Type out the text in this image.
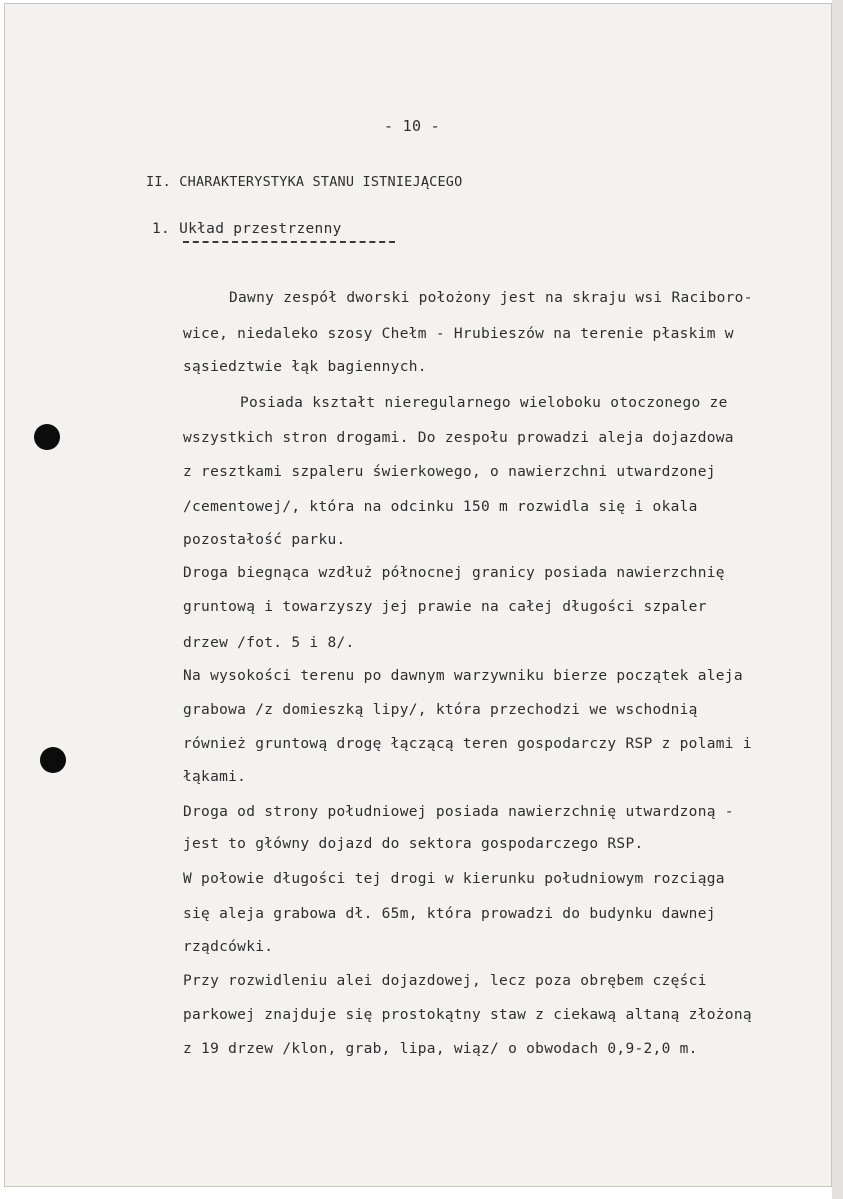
- 10 -
II. CHARAKTERYSTYKA STANU ISTNIEJĄCEGO
1. Układ przestrzenny
Dawny zespół dworski położony jest na skraju wsi Raciboro-
wice, niedaleko szosy Chełm - Hrubieszów na terenie płaskim w
sąsiedztwie łąk bagiennych.
Posiada kształt nieregularnego wieloboku otoczonego ze
wszystkich stron drogami. Do zespołu prowadzi aleja dojazdowa
z resztkami szpaleru świerkowego, o nawierzchni utwardzonej
/cementowej/, która na odcinku 150 m rozwidla się i okala
pozostałość parku.
Droga biegnąca wzdłuż północnej granicy posiada nawierzchnię
gruntową i towarzyszy jej prawie na całej długości szpaler
drzew /fot. 5 i 8/.
Na wysokości terenu po dawnym warzywniku bierze początek aleja
grabowa /z domieszką lipy/, która przechodzi we wschodnią
również gruntową drogę łączącą teren gospodarczy RSP z polami i
łąkami.
Droga od strony południowej posiada nawierzchnię utwardzoną -
jest to główny dojazd do sektora gospodarczego RSP.
W połowie długości tej drogi w kierunku południowym rozciąga
się aleja grabowa dł. 65m, która prowadzi do budynku dawnej
rządcówki.
Przy rozwidleniu alei dojazdowej, lecz poza obrębem części
parkowej znajduje się prostokątny staw z ciekawą altaną złożoną
z 19 drzew /klon, grab, lipa, wiąz/ o obwodach 0,9-2,0 m.
